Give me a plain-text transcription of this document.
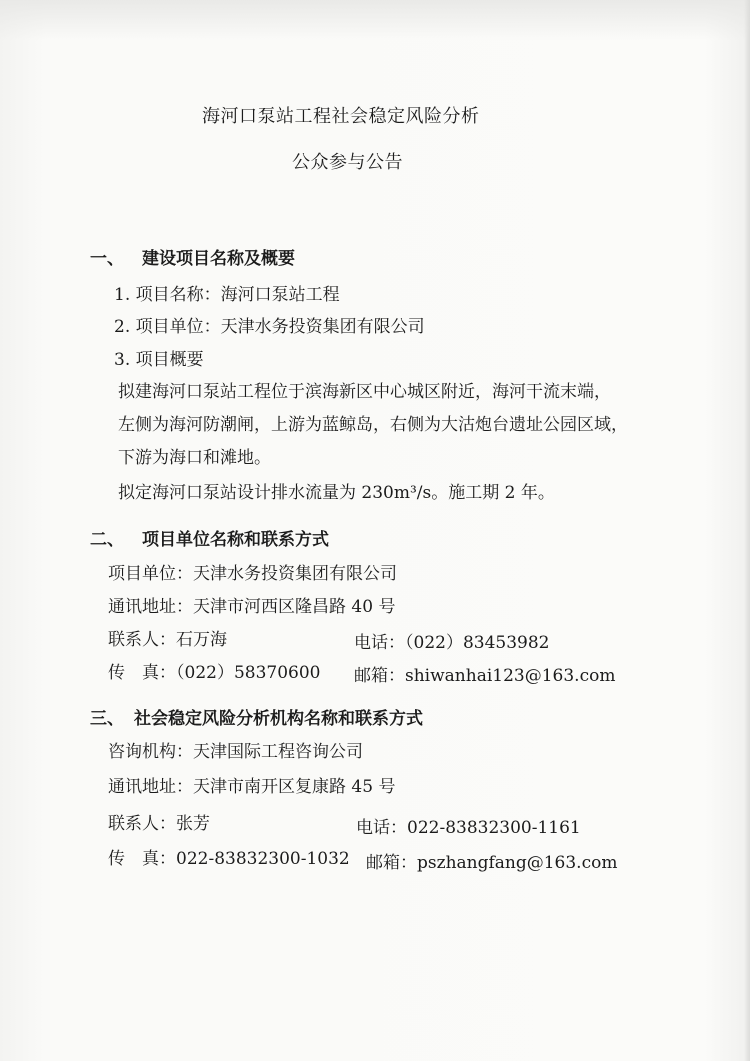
海河口泵站工程社会稳定风险分析
公众参与公告
一、 建设项目名称及概要
1. 项目名称：海河口泵站工程
2. 项目单位：天津水务投资集团有限公司
3. 项目概要
拟建海河口泵站工程位于滨海新区中心城区附近，海河干流末端，
左侧为海河防潮闸，上游为蓝鲸岛，右侧为大沽炮台遗址公园区域，
下游为海口和滩地。
拟定海河口泵站设计排水流量为 230m³/s。施工期 2 年。
二、 项目单位名称和联系方式
项目单位：天津水务投资集团有限公司
通讯地址：天津市河西区隆昌路 40 号
联系人：石万海	电话：（022）83453982
传　真：（022）58370600 邮箱：shiwanhai123@163.com
三、 社会稳定风险分析机构名称和联系方式
咨询机构：天津国际工程咨询公司
通讯地址：天津市南开区复康路 45 号
联系人：张芳	电话：022-83832300-1161
传　真：022-83832300-1032 邮箱：pszhangfang@163.com
